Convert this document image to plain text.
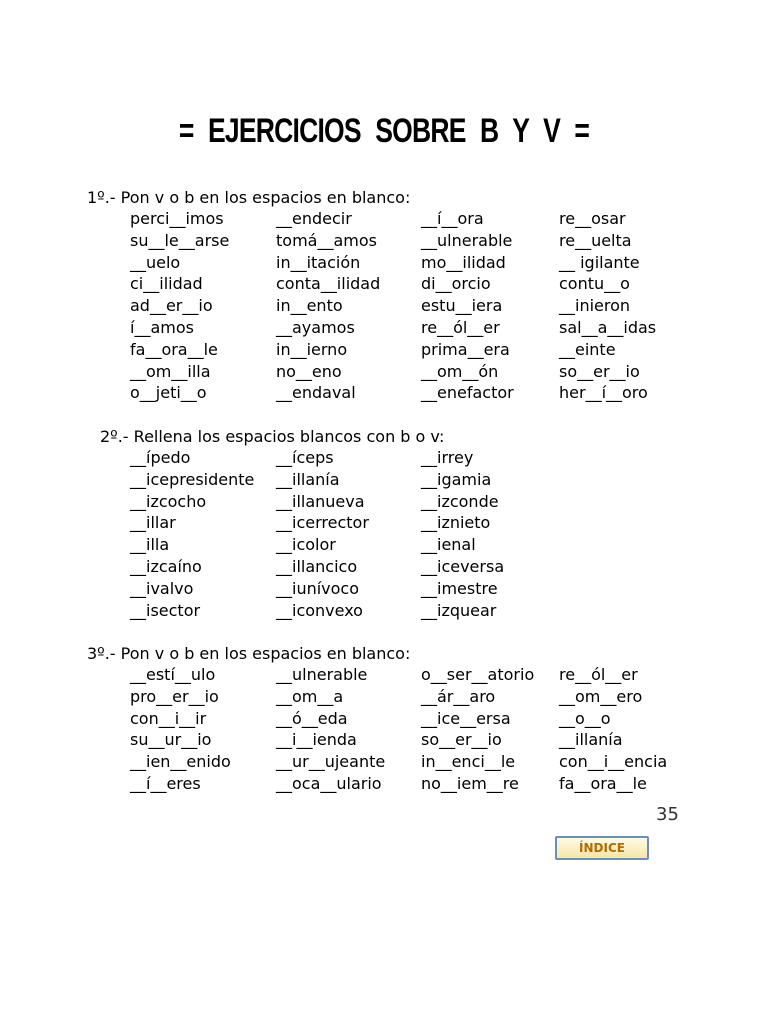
= EJERCICIOS SOBRE B Y V =
1º.- Pon v o b en los espacios en blanco:
perci__imos
su__le__arse
__uelo
ci__ilidad
ad__er__io
í__amos
fa__ora__le
__om__illa
o__jeti__o
__endecir
tomá__amos
in__itación
conta__ilidad
in__ento
__ayamos
in__ierno
no__eno
__endaval
__í__ora
__ulnerable
mo__ilidad
di__orcio
estu__iera
re__ól__er
prima__era
__om__ón
__enefactor
re__osar
re__uelta
__ igilante
contu__o
__inieron
sal__a__idas
__einte
so__er__io
her__í__oro
2º.- Rellena los espacios blancos con b o v:
__ípedo
__icepresidente
__izcocho
__illar
__illa
__izcaíno
__ivalvo
__isector
__íceps
__illanía
__illanueva
__icerrector
__icolor
__illancico
__iunívoco
__iconvexo
__irrey
__igamia
__izconde
__iznieto
__ienal
__iceversa
__imestre
__izquear
3º.- Pon v o b en los espacios en blanco:
__estí__ulo
pro__er__io
con__i__ir
su__ur__io
__ien__enido
__í__eres
__ulnerable
__om__a
__ó__eda
__i__ienda
__ur__ujeante
__oca__ulario
o__ser__atorio
__ár__aro
__ice__ersa
so__er__io
in__enci__le
no__iem__re
re__ól__er
__om__ero
__o__o
__illanía
con__i__encia
fa__ora__le
35
ÍNDICE
